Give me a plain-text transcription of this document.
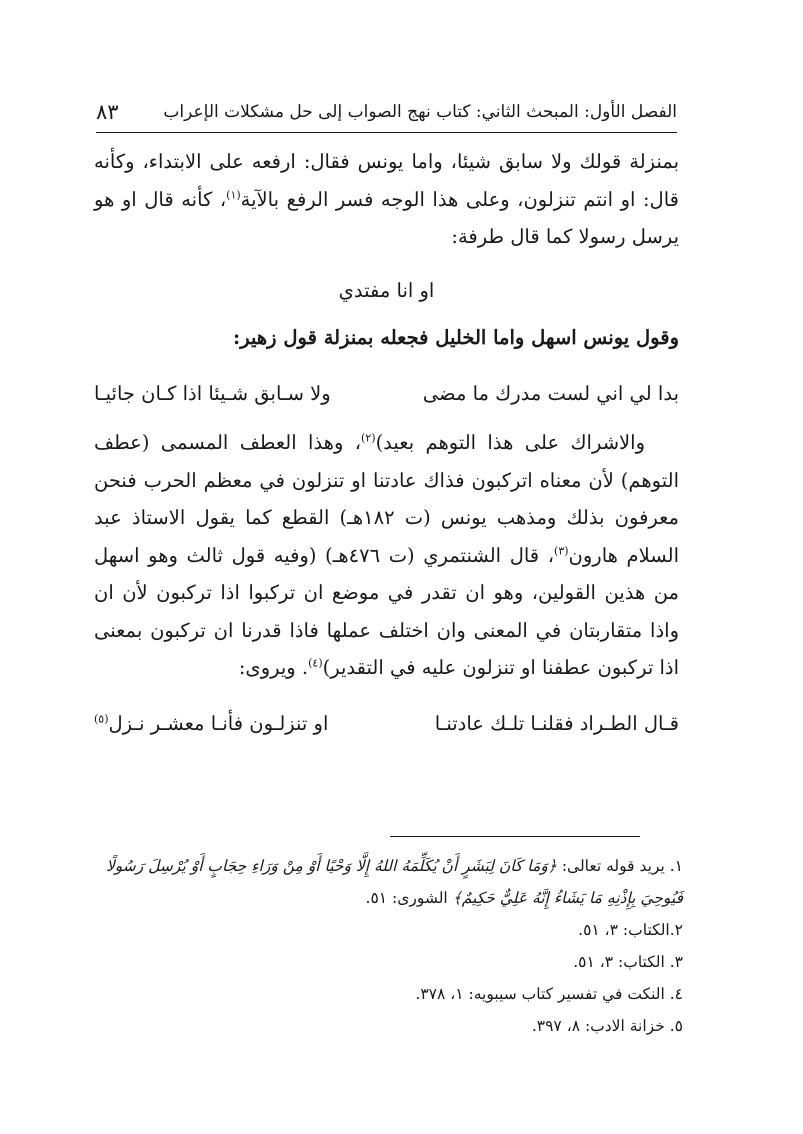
الفصل الأول: المبحث الثاني: كتاب نهج الصواب إلى حل مشكلات الإعراب
٨٣

بمنزلة قولك ولا سابق شيئا، واما يونس فقال: ارفعه على الابتداء، وكأنه قال: او انتم تنزلون، وعلى هذا الوجه فسر الرفع بالآية$^{(١)}$، كأنه قال او هو يرسل رسولا كما قال طرفة:

او انا مفتدي

وقول يونس اسهل واما الخليل فجعله بمنزلة قول زهير:

بدا لي اني لست مدرك ما مضى
ولا سـابق شـيئا اذا كـان جائيـا

والاشراك على هذا التوهم بعيد)$^{(٢)}$، وهذا العطف المسمى (عطف التوهم) لأن معناه اتركبون فذاك عادتنا او تنزلون في معظم الحرب فنحن معرفون بذلك ومذهب يونس (ت ١٨٢هـ) القطع كما يقول الاستاذ عبد السلام هارون$^{(٣)}$، قال الشنتمري (ت ٤٧٦هـ) (وفيه قول ثالث وهو اسهل من هذين القولين، وهو ان تقدر في موضع ان تركبوا اذا تركبون لأن ان واذا متقاربتان في المعنى وان اختلف عملها فاذا قدرنا ان تركبون بمعنى اذا تركبون عطفنا او تنزلون عليه في التقدير)$^{(٤)}$. ويروى:

قـال الطـراد فقلنـا تلـك عادتنـا
او تنزلـون فأنـا معشـر نـزل$^{(٥)}$

١. يريد قوله تعالى: ﴿وَمَا كَانَ لِبَشَرٍ أَنْ يُكَلِّمَهُ اللهُ إِلَّا وَحْيًا أَوْ مِنْ وَرَاءِ حِجَابٍ أَوْ يُرْسِلَ رَسُولًا فَيُوحِيَ بِإِذْنِهِ مَا يَشَاءُ إِنَّهُ عَلِيٌّ حَكِيمٌ﴾ الشورى: ٥١.

٢.الكتاب: ٣، ٥١.

٣. الكتاب: ٣، ٥١.

٤. النكت في تفسير كتاب سيبويه: ١، ٣٧٨.

٥. خزانة الادب: ٨، ٣٩٧.
